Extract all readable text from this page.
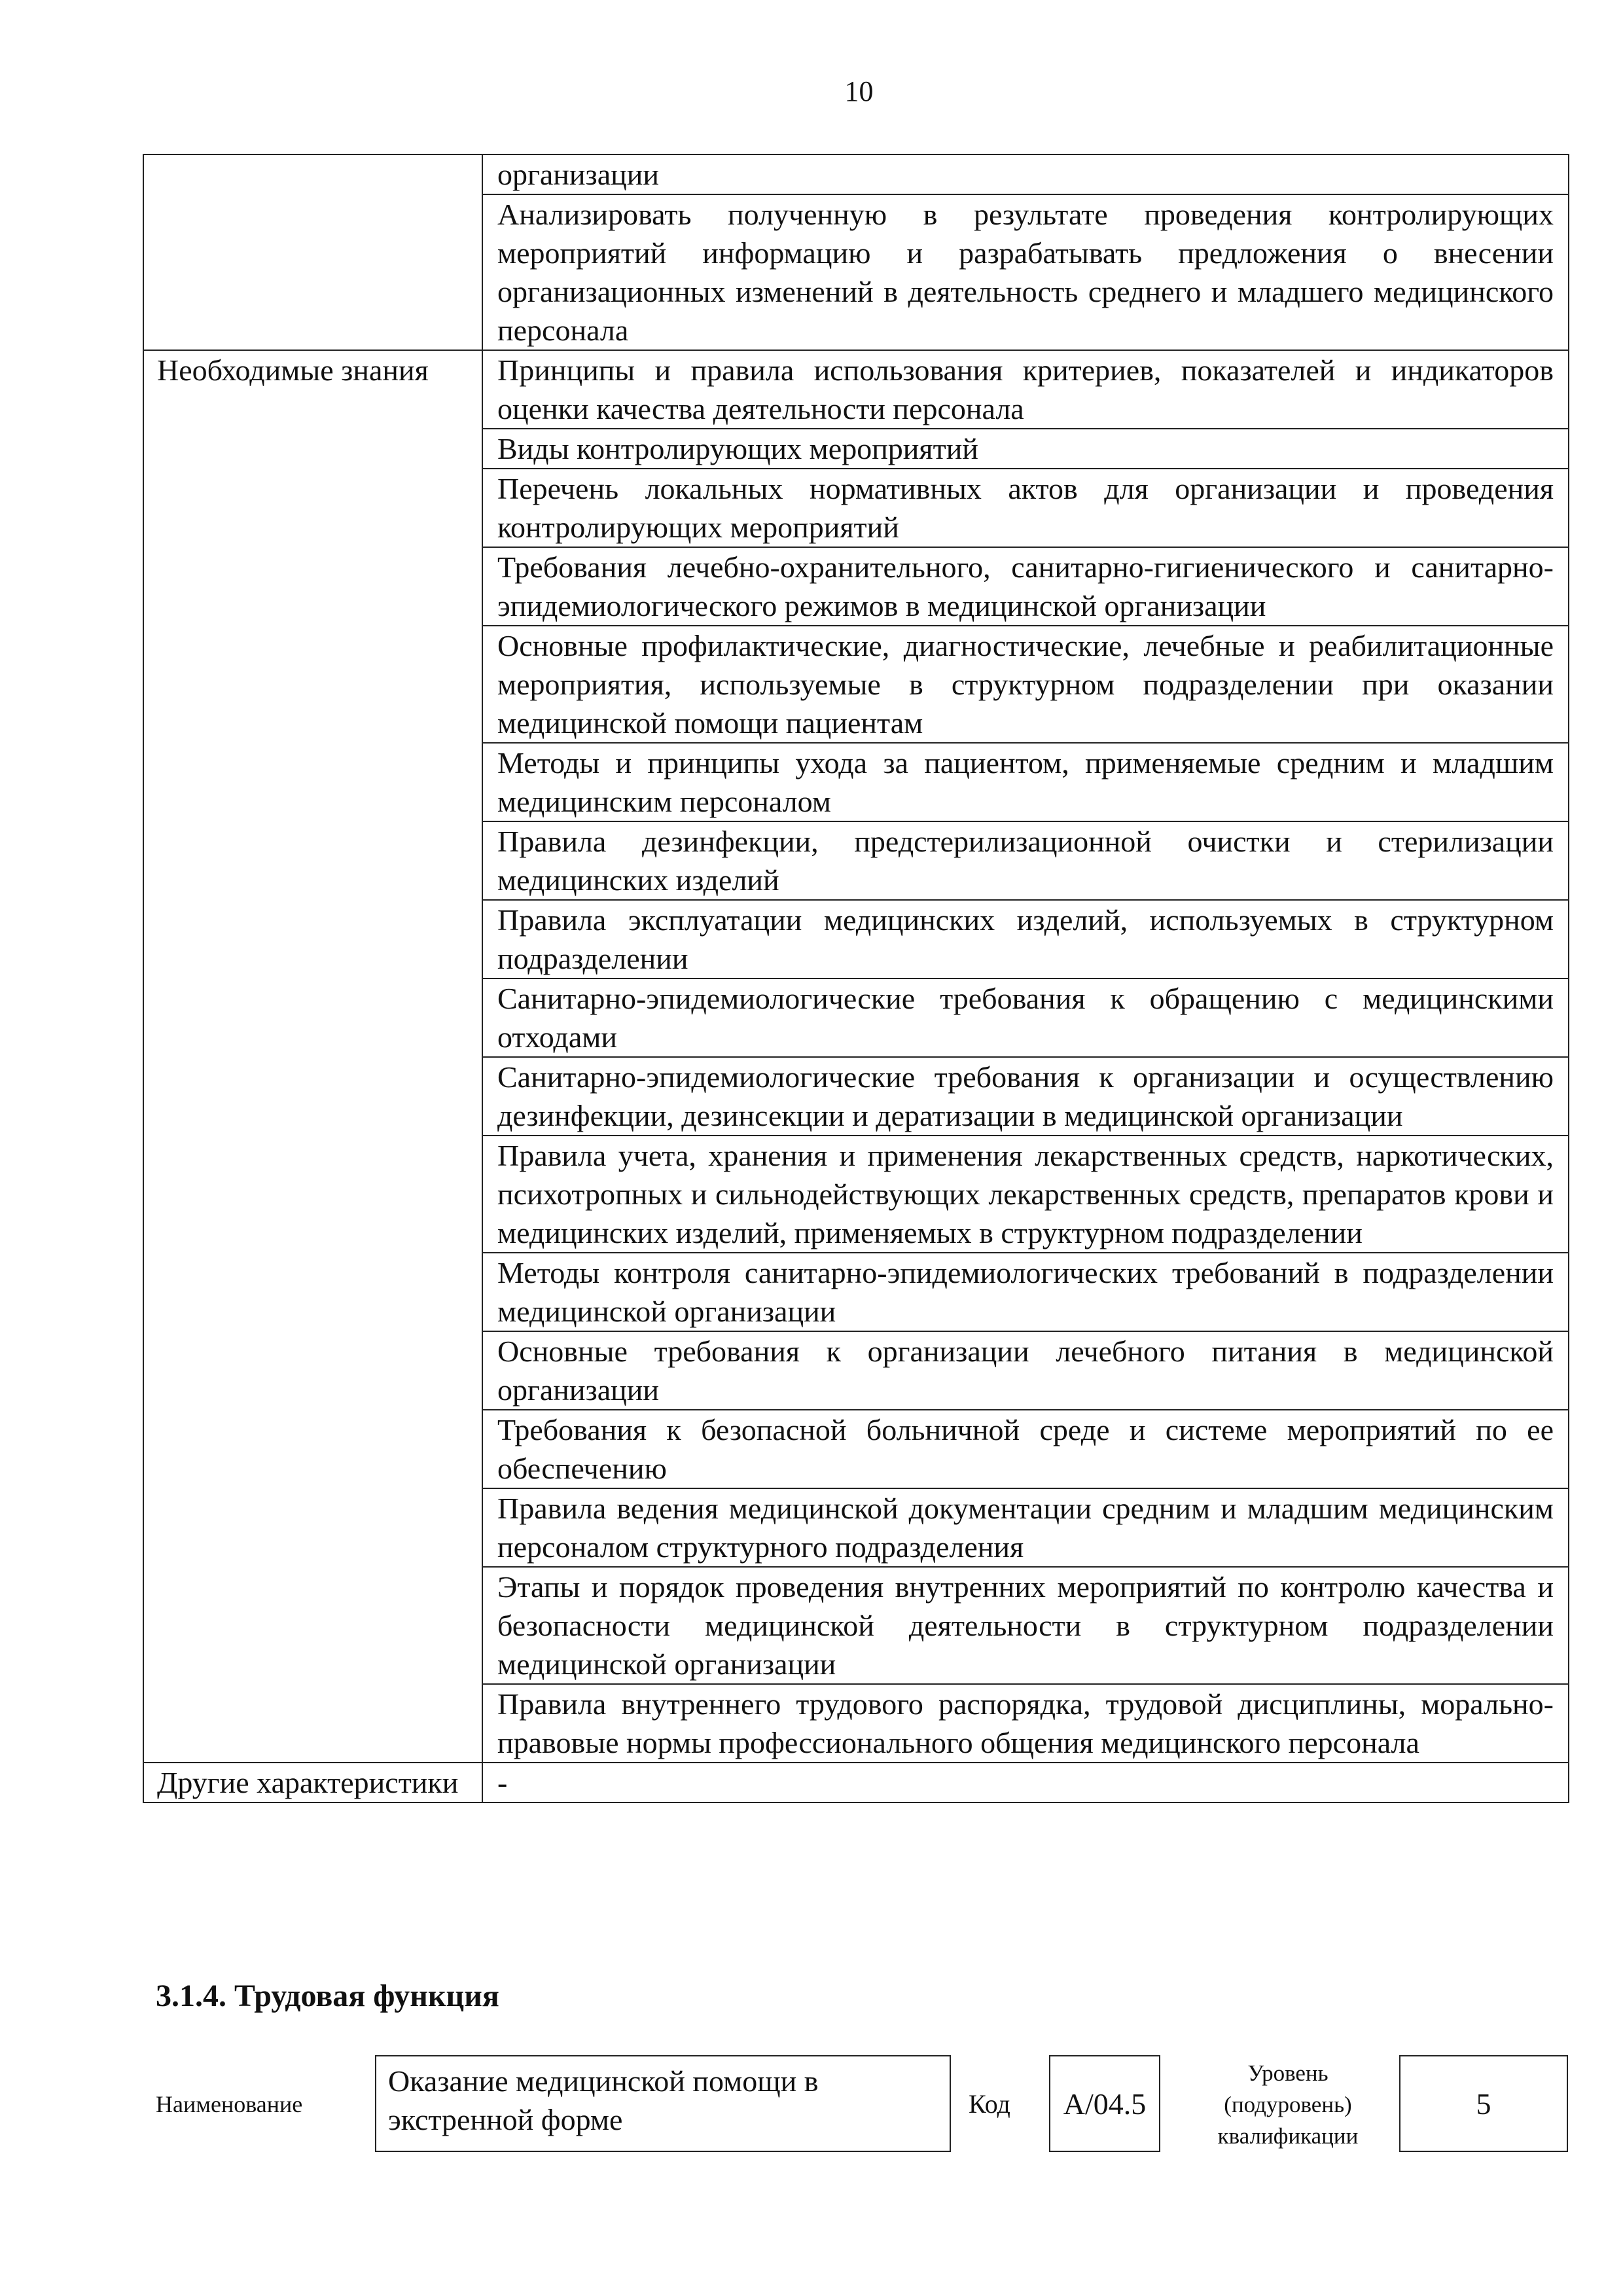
10
	организации
	Анализировать полученную в результате проведения контролирующих мероприятий информацию и разрабатывать предложения о внесении организационных изменений в деятельность среднего и младшего медицинского персонала
Необходимые знания	Принципы и правила использования критериев, показателей и индикаторов оценки качества деятельности персонала
	Виды контролирующих мероприятий
	Перечень локальных нормативных актов для организации и проведения контролирующих мероприятий
	Требования лечебно-охранительного, санитарно-гигиенического и санитарно-эпидемиологического режимов в медицинской организации
	Основные профилактические, диагностические, лечебные и реабилитационные мероприятия, используемые в структурном подразделении при оказании медицинской помощи пациентам
	Методы и принципы ухода за пациентом, применяемые средним и младшим медицинским персоналом
	Правила дезинфекции, предстерилизационной очистки и стерилизации медицинских изделий
	Правила эксплуатации медицинских изделий, используемых в структурном подразделении
	Санитарно-эпидемиологические требования к обращению с медицинскими отходами
	Санитарно-эпидемиологические требования к организации и осуществлению дезинфекции, дезинсекции и дератизации в медицинской организации
	Правила учета, хранения и применения лекарственных средств, наркотических, психотропных и сильнодействующих лекарственных средств, препаратов крови и медицинских изделий, применяемых в структурном подразделении
	Методы контроля санитарно-эпидемиологических требований в подразделении медицинской организации
	Основные требования к организации лечебного питания в медицинской организации
	Требования к безопасной больничной среде и системе мероприятий по ее обеспечению
	Правила ведения медицинской документации средним и младшим медицинским персоналом структурного подразделения
	Этапы и порядок проведения внутренних мероприятий по контролю качества и безопасности медицинской деятельности в структурном подразделении медицинской организации
	Правила внутреннего трудового распорядка, трудовой дисциплины, морально-правовые нормы профессионального общения медицинского персонала
Другие характеристики	-
3.1.4. Трудовая функция
Наименование
Оказание медицинской помощи в экстренной форме	Код А/04.5
Уровень (подуровень) квалификации
5
